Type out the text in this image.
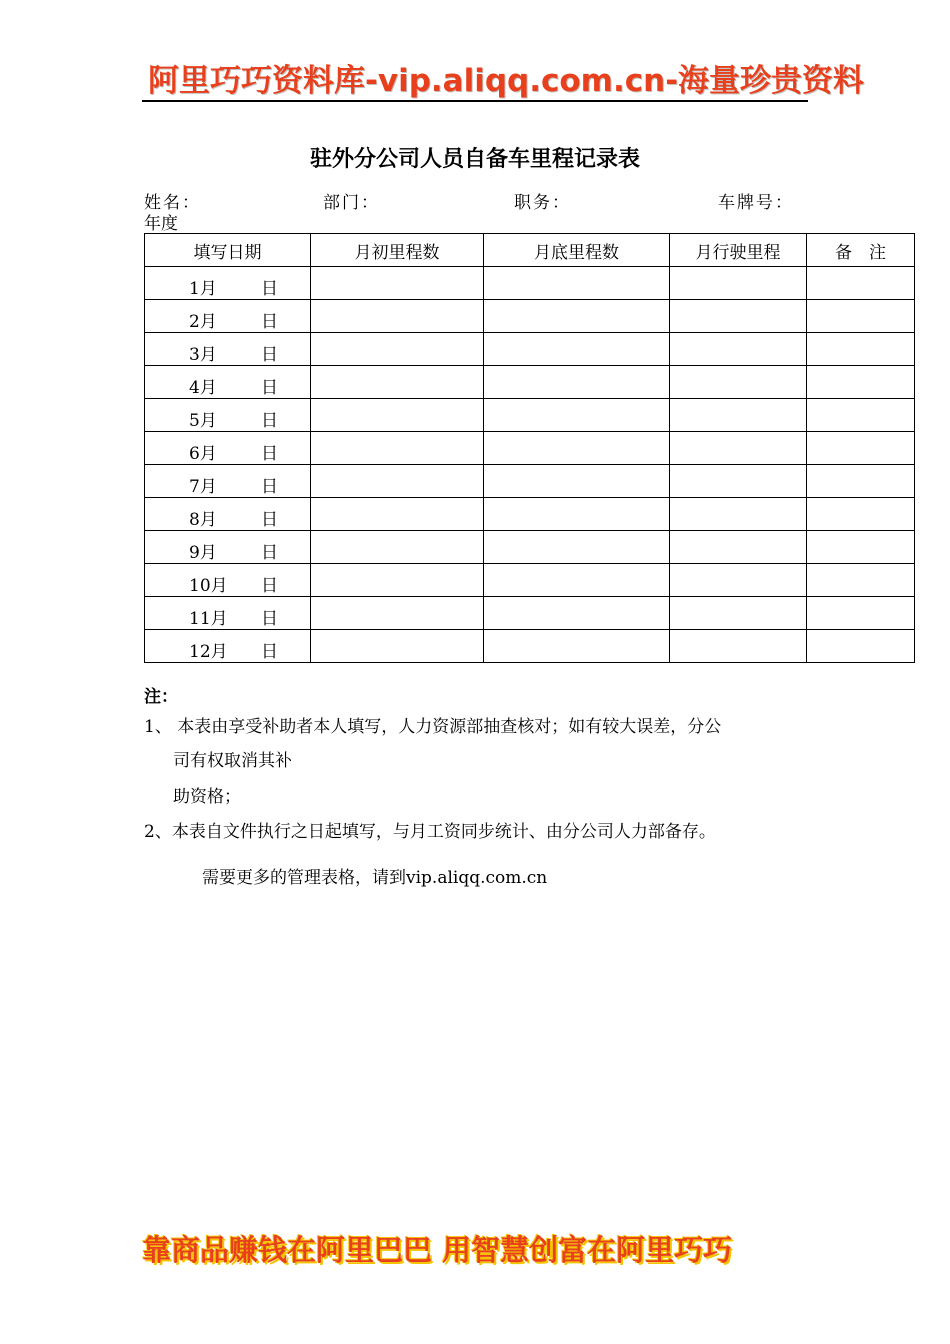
阿里巧巧资料库-vip.aliqq.com.cn-海量珍贵资料
驻外分公司人员自备车里程记录表
姓名：	部门：	职务：	车牌号：
年度
填写日期	月初里程数	月底里程数	月行驶里程	备　注

1月 日				

2月 日				

3月 日				

4月 日				

5月 日				

6月 日				

7月 日				

8月 日				

9月 日				

10月 日				

11月 日				

12月 日				

注：
1、 本表由享受补助者本人填写，人力资源部抽查核对；如有较大误差，分公
司有权取消其补
助资格；
2、本表自文件执行之日起填写，与月工资同步统计、由分公司人力部备存。
需要更多的管理表格，请到vip.aliqq.com.cn
靠商品赚钱在阿里巴巴 用智慧创富在阿里巧巧
